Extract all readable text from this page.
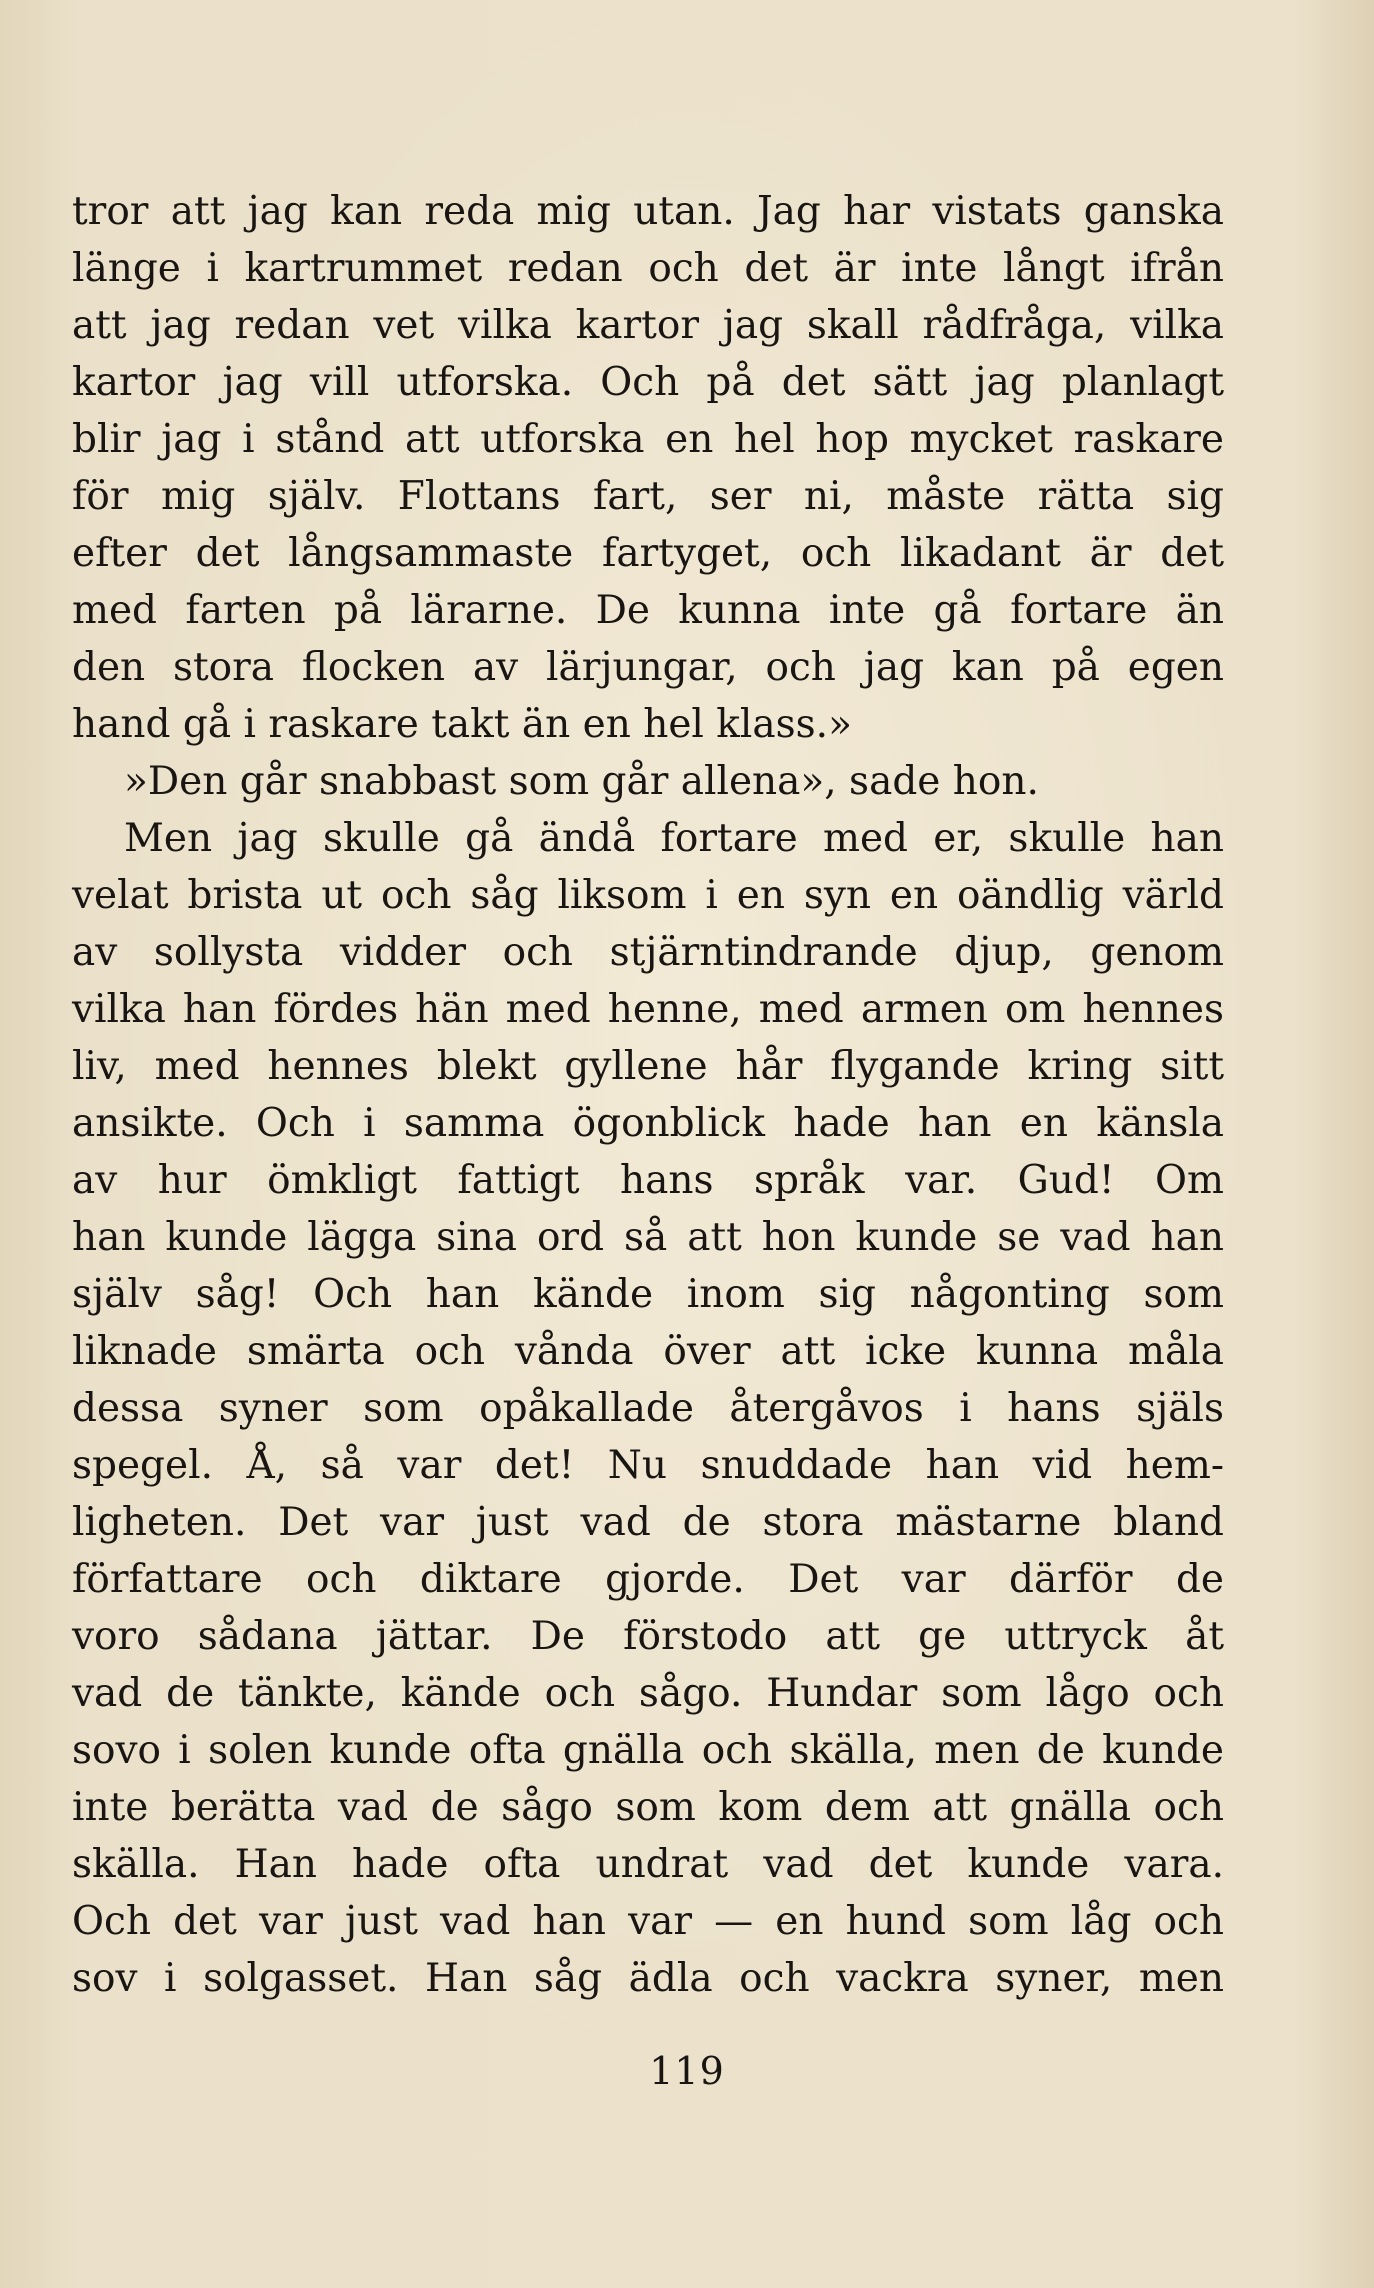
tror att jag kan reda mig utan. Jag har vistats ganska
länge i kartrummet redan och det är inte långt ifrån
att jag redan vet vilka kartor jag skall rådfråga, vilka
kartor jag vill utforska. Och på det sätt jag planlagt
blir jag i stånd att utforska en hel hop mycket raskare
för mig själv. Flottans fart, ser ni, måste rätta sig
efter det långsammaste fartyget, och likadant är det
med farten på lärarne. De kunna inte gå fortare än
den stora flocken av lärjungar, och jag kan på egen
hand gå i raskare takt än en hel klass.»
»Den går snabbast som går allena», sade hon.
Men jag skulle gå ändå fortare med er, skulle han
velat brista ut och såg liksom i en syn en oändlig värld
av sollysta vidder och stjärntindrande djup, genom
vilka han fördes hän med henne, med armen om hennes
liv, med hennes blekt gyllene hår flygande kring sitt
ansikte. Och i samma ögonblick hade han en känsla
av hur ömkligt fattigt hans språk var. Gud! Om
han kunde lägga sina ord så att hon kunde se vad han
själv såg! Och han kände inom sig någonting som
liknade smärta och vånda över att icke kunna måla
dessa syner som opåkallade återgåvos i hans själs
spegel. Å, så var det! Nu snuddade han vid hem-
ligheten. Det var just vad de stora mästarne bland
författare och diktare gjorde. Det var därför de
voro sådana jättar. De förstodo att ge uttryck åt
vad de tänkte, kände och sågo. Hundar som lågo och
sovo i solen kunde ofta gnälla och skälla, men de kunde
inte berätta vad de sågo som kom dem att gnälla och
skälla. Han hade ofta undrat vad det kunde vara.
Och det var just vad han var — en hund som låg och
sov i solgasset. Han såg ädla och vackra syner, men
119
